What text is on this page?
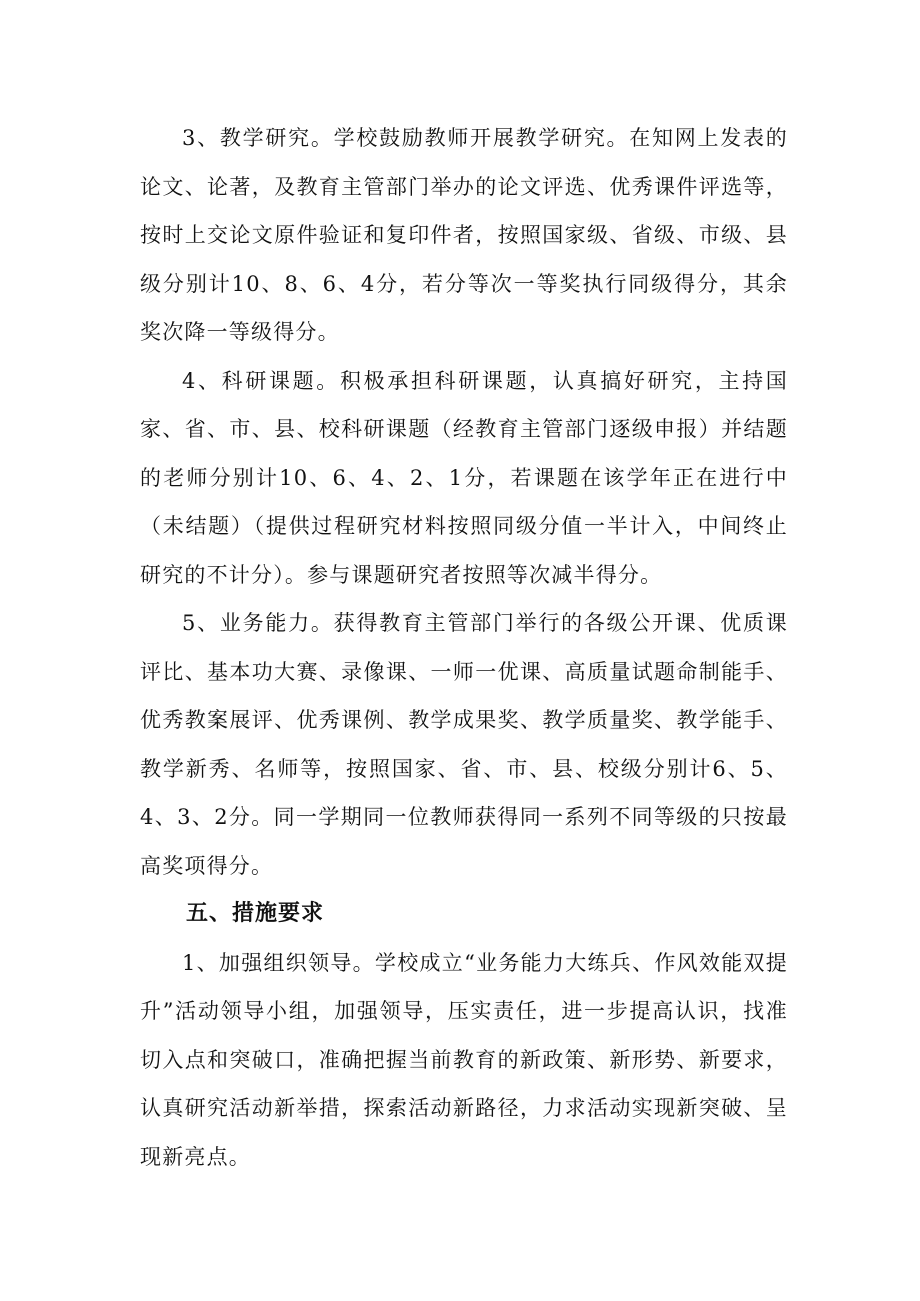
3、教学研究。学校鼓励教师开展教学研究。在知网上发表的论文、论著，及教育主管部门举办的论文评选、优秀课件评选等，按时上交论文原件验证和复印件者，按照国家级、省级、市级、县级分别计10、8、6、4分，若分等次一等奖执行同级得分，其余奖次降一等级得分。

4、科研课题。积极承担科研课题，认真搞好研究，主持国家、省、市、县、校科研课题（经教育主管部门逐级申报）并结题的老师分别计10、6、4、2、1分，若课题在该学年正在进行中（未结题）（提供过程研究材料按照同级分值一半计入，中间终止研究的不计分）。参与课题研究者按照等次减半得分。

5、业务能力。获得教育主管部门举行的各级公开课、优质课评比、基本功大赛、录像课、一师一优课、高质量试题命制能手、优秀教案展评、优秀课例、教学成果奖、教学质量奖、教学能手、教学新秀、名师等，按照国家、省、市、县、校级分别计6、5、4、3、2分。同一学期同一位教师获得同一系列不同等级的只按最高奖项得分。

五、措施要求

1、加强组织领导。学校成立“业务能力大练兵、作风效能双提升”活动领导小组，加强领导，压实责任，进一步提高认识，找准切入点和突破口，准确把握当前教育的新政策、新形势、新要求，认真研究活动新举措，探索活动新路径，力求活动实现新突破、呈现新亮点。
